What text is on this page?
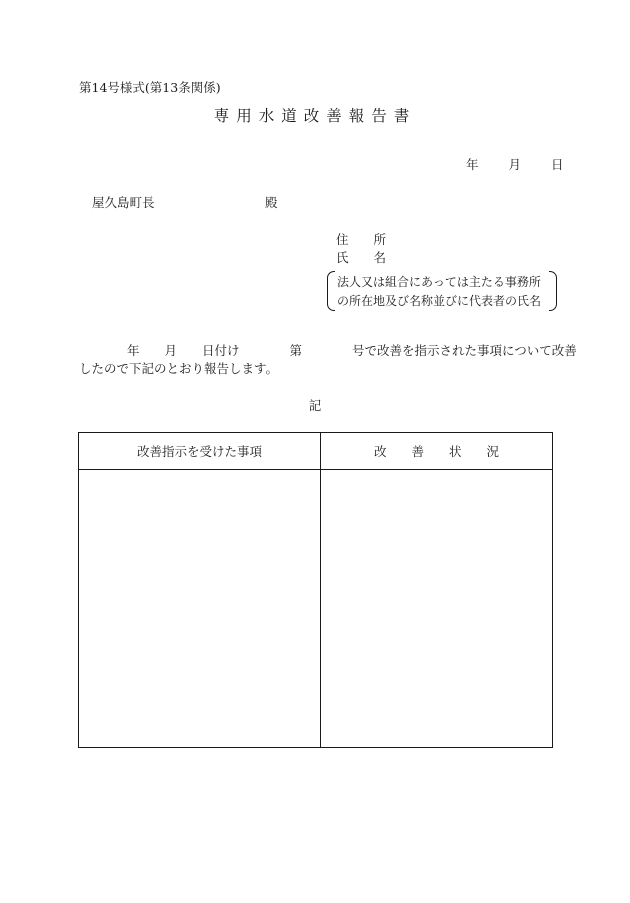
第14号様式(第13条関係)
専用水道改善報告書
年 月 日
屋久島町長	殿
住　　所
氏　　名
法人又は組合にあっては主たる事務所
の所在地及び名称並びに代表者の氏名
年　　月　　日付け　　　　第　　　　号で改善を指示された事項について改善
したので下記のとおり報告します。
記
改善指示を受けた事項	改　　善　　状　　況
